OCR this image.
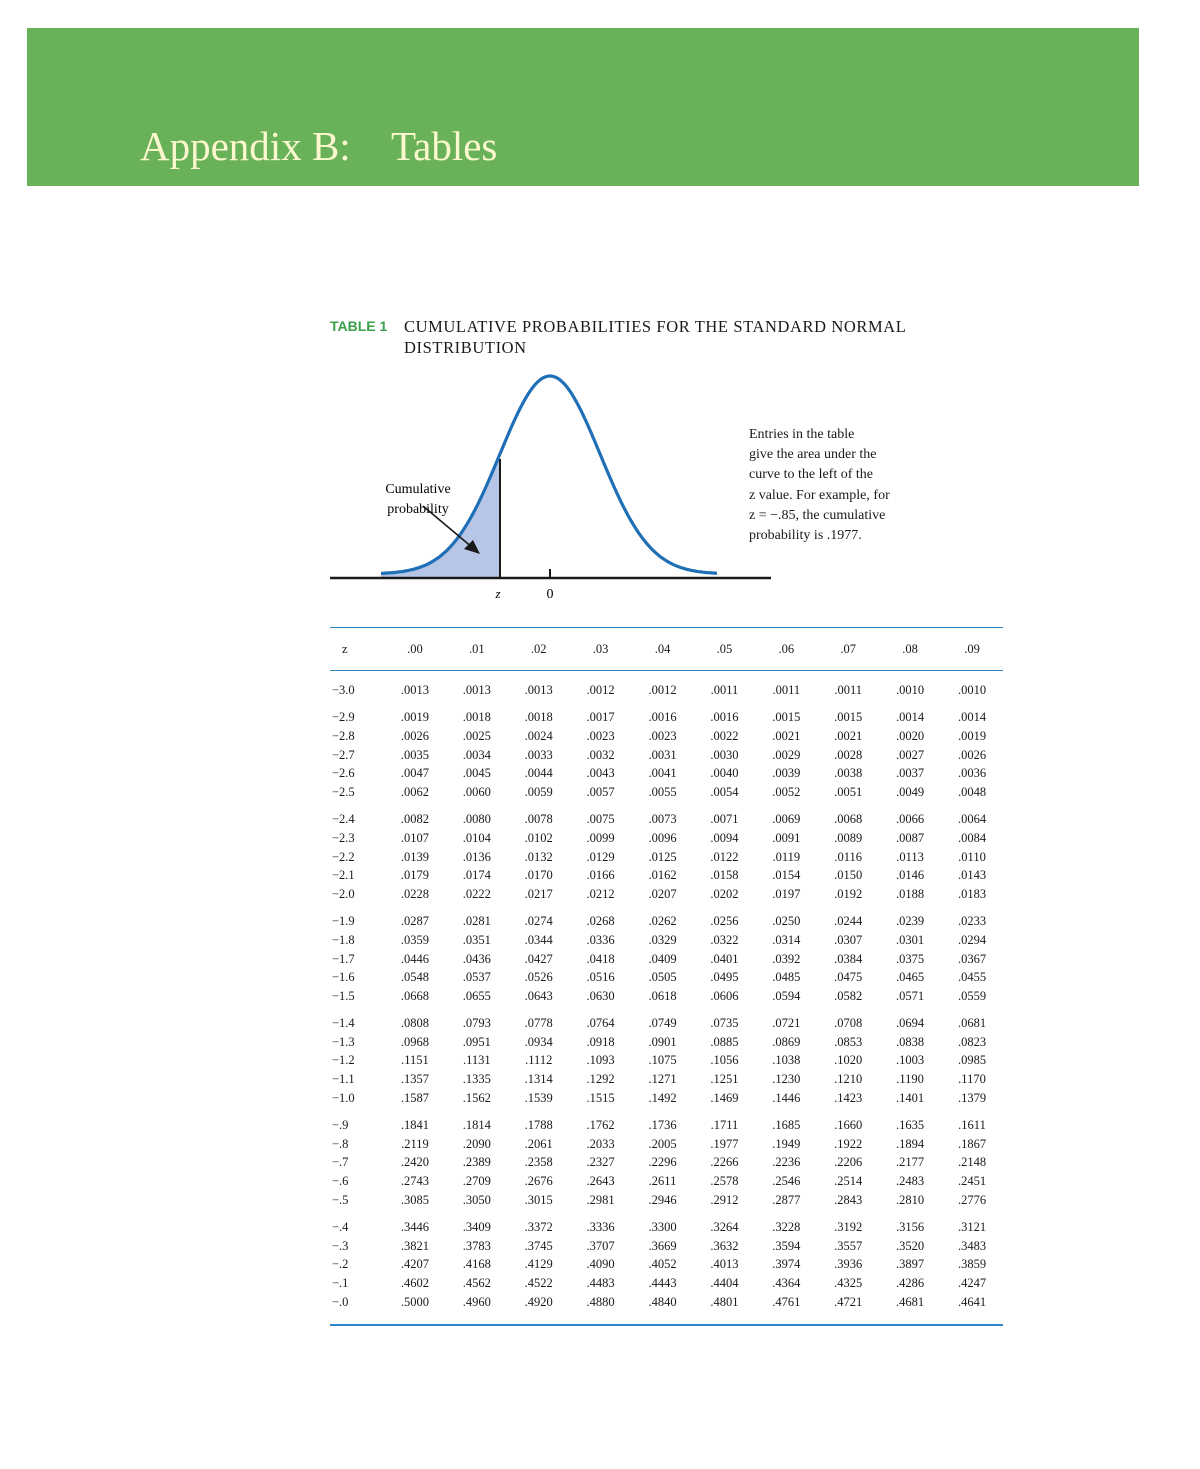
Appendix B:    Tables
TABLE 1 CUMULATIVE PROBABILITIES FOR THE STANDARD NORMAL DISTRIBUTION
Cumulative
probability
z	0
Entries in the table
give the area under the
curve to the left of the
z value. For example, for
z = −.85, the cumulative
probability is .1977.
z	.00	.01	.02	.03	.04	.05	.06	.07	.08	.09
−3.0	.0013	.0013	.0013	.0012	.0012	.0011	.0011	.0011	.0010	.0010
−2.9	.0019	.0018	.0018	.0017	.0016	.0016	.0015	.0015	.0014	.0014
−2.8	.0026	.0025	.0024	.0023	.0023	.0022	.0021	.0021	.0020	.0019
−2.7	.0035	.0034	.0033	.0032	.0031	.0030	.0029	.0028	.0027	.0026
−2.6	.0047	.0045	.0044	.0043	.0041	.0040	.0039	.0038	.0037	.0036
−2.5	.0062	.0060	.0059	.0057	.0055	.0054	.0052	.0051	.0049	.0048
−2.4	.0082	.0080	.0078	.0075	.0073	.0071	.0069	.0068	.0066	.0064
−2.3	.0107	.0104	.0102	.0099	.0096	.0094	.0091	.0089	.0087	.0084
−2.2	.0139	.0136	.0132	.0129	.0125	.0122	.0119	.0116	.0113	.0110
−2.1	.0179	.0174	.0170	.0166	.0162	.0158	.0154	.0150	.0146	.0143
−2.0	.0228	.0222	.0217	.0212	.0207	.0202	.0197	.0192	.0188	.0183
−1.9	.0287	.0281	.0274	.0268	.0262	.0256	.0250	.0244	.0239	.0233
−1.8	.0359	.0351	.0344	.0336	.0329	.0322	.0314	.0307	.0301	.0294
−1.7	.0446	.0436	.0427	.0418	.0409	.0401	.0392	.0384	.0375	.0367
−1.6	.0548	.0537	.0526	.0516	.0505	.0495	.0485	.0475	.0465	.0455
−1.5	.0668	.0655	.0643	.0630	.0618	.0606	.0594	.0582	.0571	.0559
−1.4	.0808	.0793	.0778	.0764	.0749	.0735	.0721	.0708	.0694	.0681
−1.3	.0968	.0951	.0934	.0918	.0901	.0885	.0869	.0853	.0838	.0823
−1.2	.1151	.1131	.1112	.1093	.1075	.1056	.1038	.1020	.1003	.0985
−1.1	.1357	.1335	.1314	.1292	.1271	.1251	.1230	.1210	.1190	.1170
−1.0	.1587	.1562	.1539	.1515	.1492	.1469	.1446	.1423	.1401	.1379
−.9	.1841	.1814	.1788	.1762	.1736	.1711	.1685	.1660	.1635	.1611
−.8	.2119	.2090	.2061	.2033	.2005	.1977	.1949	.1922	.1894	.1867
−.7	.2420	.2389	.2358	.2327	.2296	.2266	.2236	.2206	.2177	.2148
−.6	.2743	.2709	.2676	.2643	.2611	.2578	.2546	.2514	.2483	.2451
−.5	.3085	.3050	.3015	.2981	.2946	.2912	.2877	.2843	.2810	.2776
−.4	.3446	.3409	.3372	.3336	.3300	.3264	.3228	.3192	.3156	.3121
−.3	.3821	.3783	.3745	.3707	.3669	.3632	.3594	.3557	.3520	.3483
−.2	.4207	.4168	.4129	.4090	.4052	.4013	.3974	.3936	.3897	.3859
−.1	.4602	.4562	.4522	.4483	.4443	.4404	.4364	.4325	.4286	.4247
−.0	.5000	.4960	.4920	.4880	.4840	.4801	.4761	.4721	.4681	.4641
